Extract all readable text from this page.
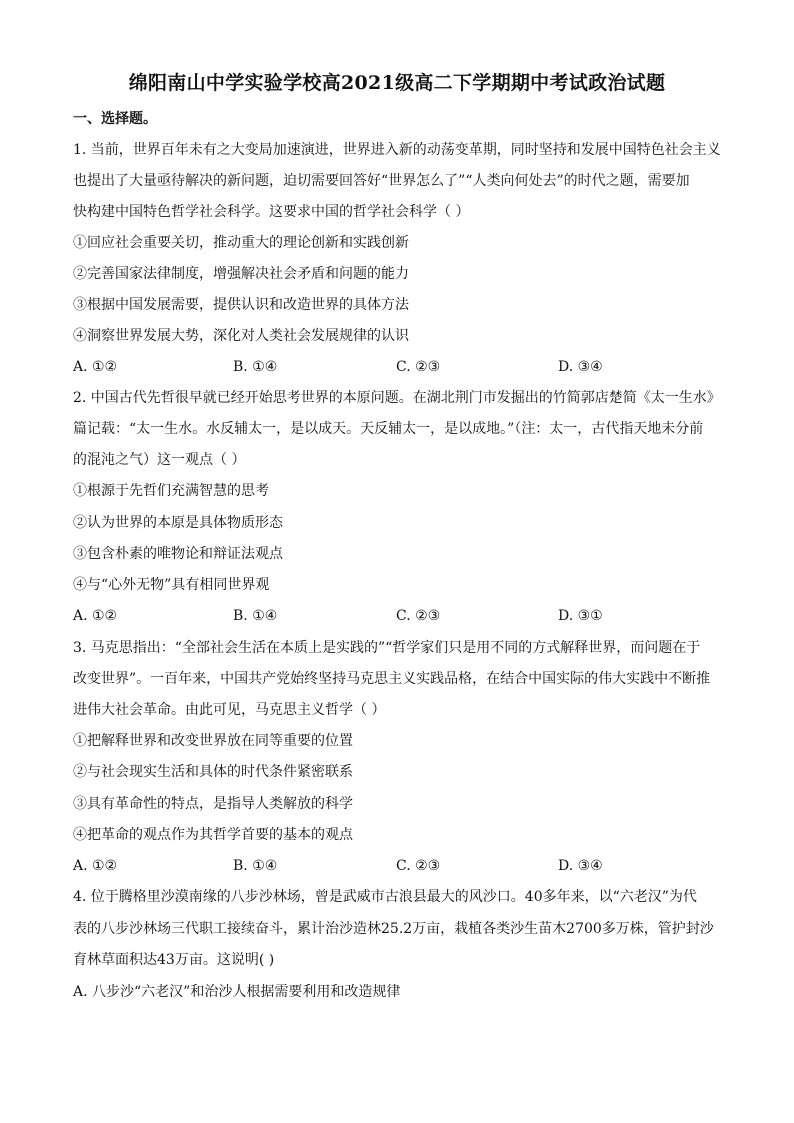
绵阳南山中学实验学校高2021级高二下学期期中考试政治试题
一、选择题。
1. 当前，世界百年未有之大变局加速演进，世界进入新的动荡变革期，同时坚持和发展中国特色社会主义
也提出了大量亟待解决的新问题，迫切需要回答好“世界怎么了”“人类向何处去”的时代之题，需要加
快构建中国特色哲学社会科学。这要求中国的哲学社会科学（ ）
①回应社会重要关切，推动重大的理论创新和实践创新
②完善国家法律制度，增强解决社会矛盾和问题的能力
③根据中国发展需要，提供认识和改造世界的具体方法
④洞察世界发展大势，深化对人类社会发展规律的认识
A. ①②	B. ①④	C. ②③	D. ③④
2. 中国古代先哲很早就已经开始思考世界的本原问题。在湖北荆门市发掘出的竹简郭店楚简《太一生水》
篇记载：“太一生水。水反辅太一，是以成天。天反辅太一，是以成地。”（注：太一，古代指天地未分前
的混沌之气）这一观点（ ）
①根源于先哲们充满智慧的思考
②认为世界的本原是具体物质形态
③包含朴素的唯物论和辩证法观点
④与“心外无物”具有相同世界观
A. ①②	B. ①④	C. ②③	D. ③①
3. 马克思指出：“全部社会生活在本质上是实践的”“哲学家们只是用不同的方式解释世界，而问题在于
改变世界”。一百年来，中国共产党始终坚持马克思主义实践品格，在结合中国实际的伟大实践中不断推
进伟大社会革命。由此可见，马克思主义哲学（ ）
①把解释世界和改变世界放在同等重要的位置
②与社会现实生活和具体的时代条件紧密联系
③具有革命性的特点，是指导人类解放的科学
④把革命的观点作为其哲学首要的基本的观点
A. ①②	B. ①④	C. ②③	D. ③④
4. 位于腾格里沙漠南缘的八步沙林场，曾是武威市古浪县最大的风沙口。40多年来，以“六老汉”为代
表的八步沙林场三代职工接续奋斗，累计治沙造林25.2万亩，栽植各类沙生苗木2700多万株，管护封沙
育林草面积达43万亩。这说明( )
A. 八步沙“六老汉”和治沙人根据需要利用和改造规律
